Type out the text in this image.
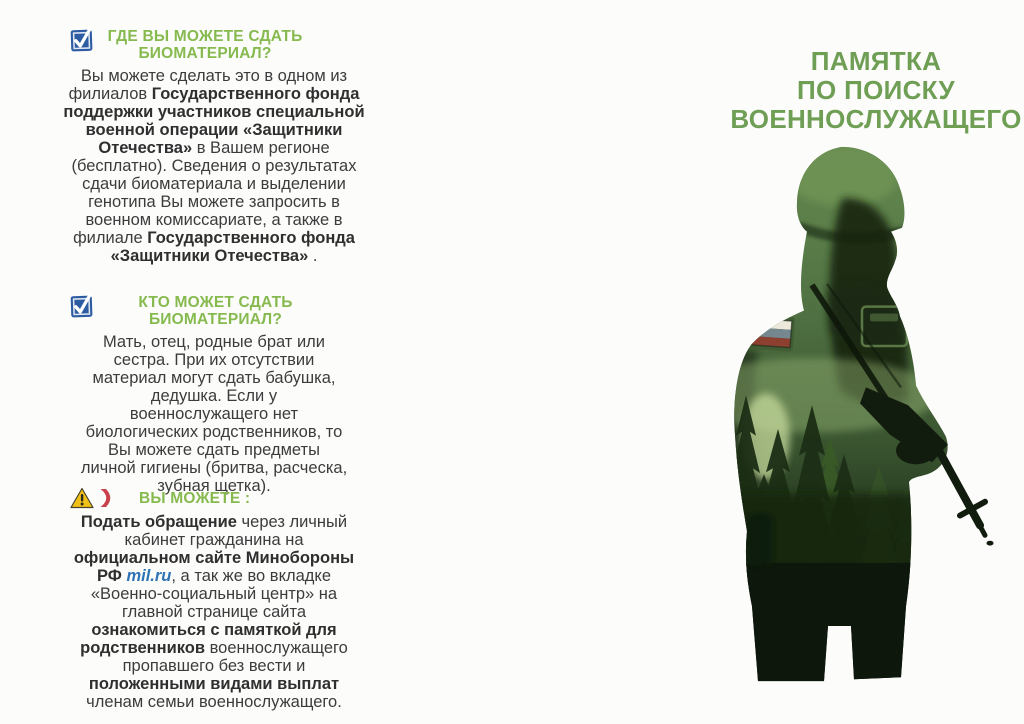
ГДЕ ВЫ МОЖЕТЕ СДАТЬ БИОМАТЕРИАЛ?

Вы можете сделать это в одном из филиалов Государственного фонда поддержки участников специальной военной операции «Защитники Отечества» в Вашем регионе (бесплатно). Сведения о результатах сдачи биоматериала и выделении генотипа Вы можете запросить в военном комиссариате, а также в филиале Государственного фонда «Защитники Отечества» .

КТО МОЖЕТ СДАТЬ БИОМАТЕРИАЛ?

Мать, отец, родные брат или сестра. При их отсутствии материал могут сдать бабушка, дедушка. Если у военнослужащего нет биологических родственников, то Вы можете сдать предметы личной гигиены (бритва, расческа, зубная щетка).

ВЫ МОЖЕТЕ :

Подать обращение через личный кабинет гражданина на официальном сайте Минобороны РФ mil.ru, а так же во вкладке «Военно-социальный центр» на главной странице сайта ознакомиться с памяткой для родственников военнослужащего пропавшего без вести и положенными видами выплат членам семьи военнослужащего.

ПАМЯТКА
ПО ПОИСКУ
ВОЕННОСЛУЖАЩЕГО
